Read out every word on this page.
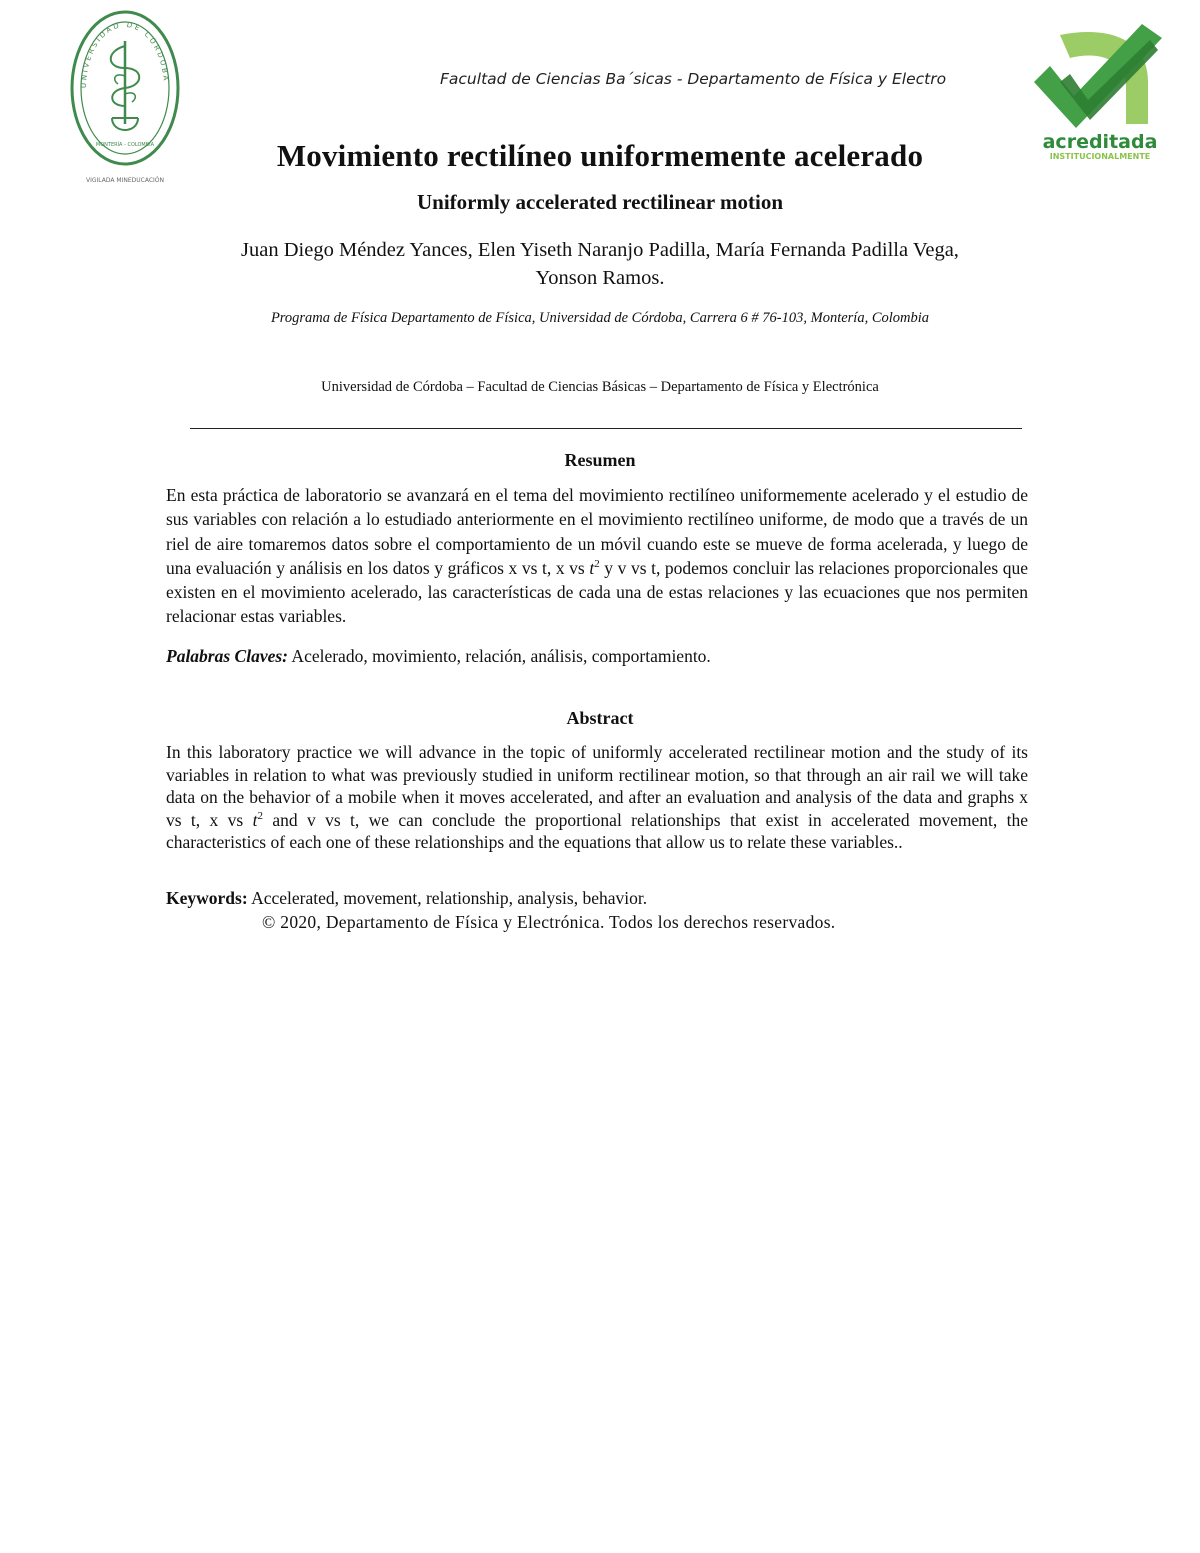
UNIVERSIDAD DE CÓRDOBA
MONTERÍA - COLOMBIA
VIGILADA MINEDUCACIÓN
Facultad de Ciencias Ba´sicas - Departamento de Física y Electro
acreditada
INSTITUCIONALMENTE
Movimiento rectilíneo uniformemente acelerado
Uniformly accelerated rectilinear motion
Juan Diego Méndez Yances, Elen Yiseth Naranjo Padilla, María Fernanda Padilla Vega,
Yonson Ramos.
Programa de Física Departamento de Física, Universidad de Córdoba, Carrera 6 # 76-103, Montería, Colombia
Universidad de Córdoba – Facultad de Ciencias Básicas – Departamento de Física y Electrónica
Resumen
En esta práctica de laboratorio se avanzará en el tema del movimiento rectilíneo uniformemente acelerado y el estudio de sus variables con relación a lo estudiado anteriormente en el movimiento rectilíneo uniforme, de modo que a través de un riel de aire tomaremos datos sobre el comportamiento de un móvil cuando este se mueve de forma acelerada, y luego de una evaluación y análisis en los datos y gráficos x vs t, x vs $t^2$ y v vs t, podemos concluir las relaciones proporcionales que existen en el movimiento acelerado, las características de cada una de estas relaciones y las ecuaciones que nos permiten relacionar estas variables.
Palabras Claves: Acelerado, movimiento, relación, análisis, comportamiento.
Abstract
In this laboratory practice we will advance in the topic of uniformly accelerated rectilinear motion and the study of its variables in relation to what was previously studied in uniform rectilinear motion, so that through an air rail we will take data on the behavior of a mobile when it moves accelerated, and after an evaluation and analysis of the data and graphs x vs t, x vs $t^2$ and v vs t, we can conclude the proportional relationships that exist in accelerated movement, the characteristics of each one of these relationships and the equations that allow us to relate these variables..
Keywords: Accelerated, movement, relationship, analysis, behavior.
© 2020, Departamento de Física y Electrónica. Todos los derechos reservados.
